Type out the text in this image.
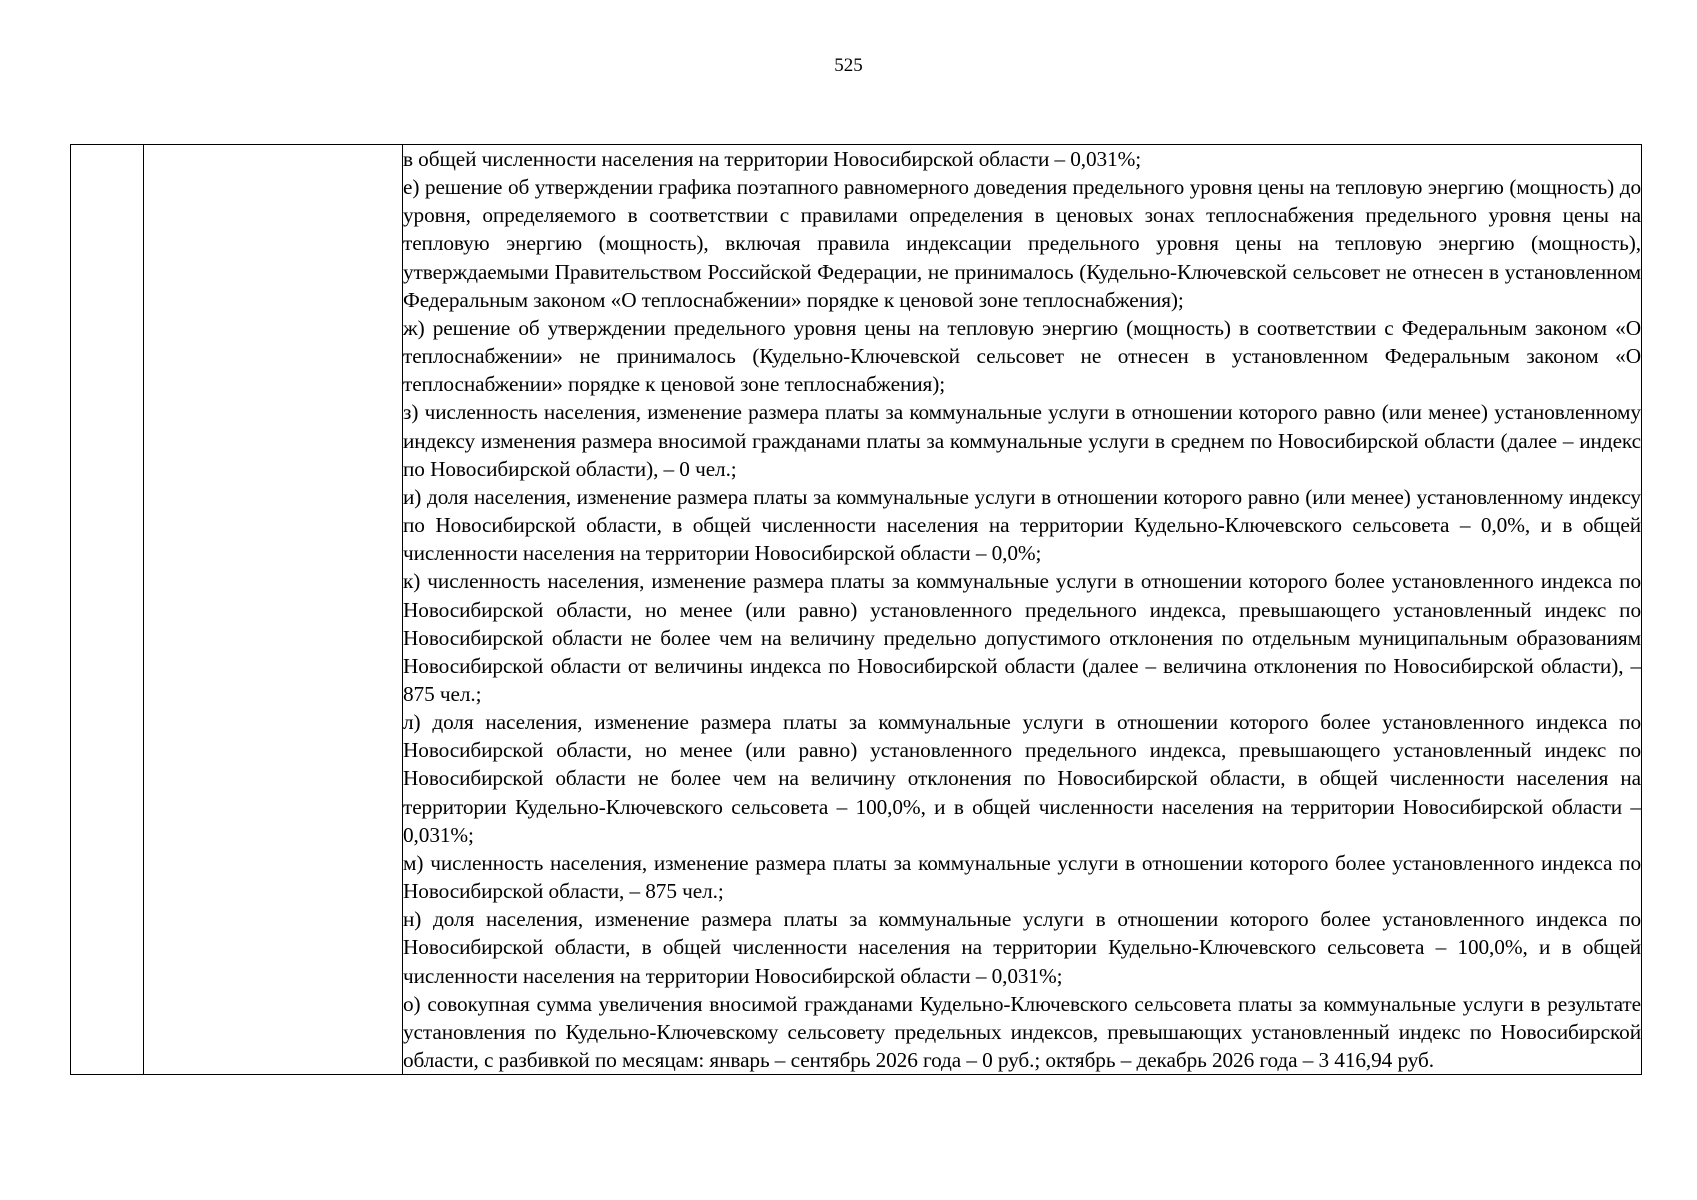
525

в общей численности населения на территории Новосибирской области – 0,031%;

е) решение об утверждении графика поэтапного равномерного доведения предельного уровня цены на тепловую энергию (мощность) до уровня, определяемого в соответствии с правилами определения в ценовых зонах теплоснабжения предельного уровня цены на тепловую энергию (мощность), включая правила индексации предельного уровня цены на тепловую энергию (мощность), утверждаемыми Правительством Российской Федерации, не принималось (Кудельно-Ключевской сельсовет не отнесен в установленном Федеральным законом «О теплоснабжении» порядке к ценовой зоне теплоснабжения);

ж) решение об утверждении предельного уровня цены на тепловую энергию (мощность) в соответствии с Федеральным законом «О теплоснабжении» не принималось (Кудельно-Ключевской сельсовет не отнесен в установленном Федеральным законом «О теплоснабжении» порядке к ценовой зоне теплоснабжения);

з) численность населения, изменение размера платы за коммунальные услуги в отношении которого равно (или менее) установленному индексу изменения размера вносимой гражданами платы за коммунальные услуги в среднем по Новосибирской области (далее – индекс по Новосибирской области), – 0 чел.;

и) доля населения, изменение размера платы за коммунальные услуги в отношении которого равно (или менее) установленному индексу по Новосибирской области, в общей численности населения на территории Кудельно-Ключевского сельсовета – 0,0%, и в общей численности населения на территории Новосибирской области – 0,0%;

к) численность населения, изменение размера платы за коммунальные услуги в отношении которого более установленного индекса по Новосибирской области, но менее (или равно) установленного предельного индекса, превышающего установленный индекс по Новосибирской области не более чем на величину предельно допустимого отклонения по отдельным муниципальным образованиям Новосибирской области от величины индекса по Новосибирской области (далее – величина отклонения по Новосибирской области), – 875 чел.;

л) доля населения, изменение размера платы за коммунальные услуги в отношении которого более установленного индекса по Новосибирской области, но менее (или равно) установленного предельного индекса, превышающего установленный индекс по Новосибирской области не более чем на величину отклонения по Новосибирской области, в общей численности населения на территории Кудельно-Ключевского сельсовета – 100,0%, и в общей численности населения на территории Новосибирской области – 0,031%;

м) численность населения, изменение размера платы за коммунальные услуги в отношении которого более установленного индекса по Новосибирской области, – 875 чел.;

н) доля населения, изменение размера платы за коммунальные услуги в отношении которого более установленного индекса по Новосибирской области, в общей численности населения на территории Кудельно-Ключевского сельсовета – 100,0%, и в общей численности населения на территории Новосибирской области – 0,031%;

о) совокупная сумма увеличения вносимой гражданами Кудельно-Ключевского сельсовета платы за коммунальные услуги в результате установления по Кудельно-Ключевскому сельсовету предельных индексов, превышающих установленный индекс по Новосибирской области, с разбивкой по месяцам: январь – сентябрь 2026 года – 0 руб.; октябрь – декабрь 2026 года – 3 416,94 руб.
